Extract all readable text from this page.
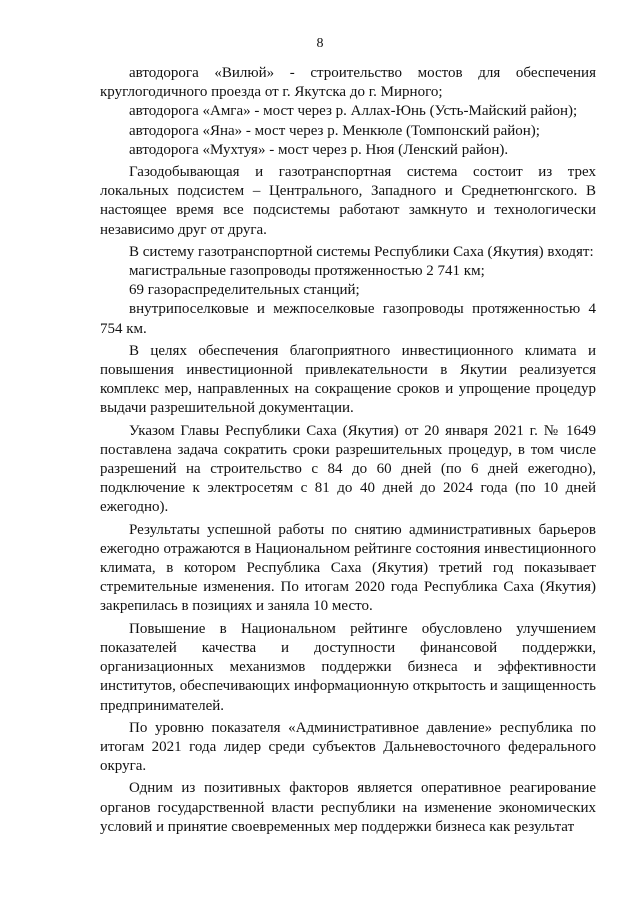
8

автодорога «Вилюй» - строительство мостов для обеспечения круглогодичного проезда от г. Якутска до г. Мирного;

автодорога «Амга» - мост через р. Аллах-Юнь (Усть-Майский район);

автодорога «Яна» - мост через р. Менкюле (Томпонский район);

автодорога «Мухтуя» - мост через р. Нюя (Ленский район).

Газодобывающая и газотранспортная система состоит из трех локальных подсистем – Центрального, Западного и Среднетюнгского. В настоящее время все подсистемы работают замкнуто и технологически независимо друг от друга.

В систему газотранспортной системы Республики Саха (Якутия) входят:

магистральные газопроводы протяженностью 2 741 км;

69 газораспределительных станций;

внутрипоселковые и межпоселковые газопроводы протяженностью 4 754 км.

В целях обеспечения благоприятного инвестиционного климата и повышения инвестиционной привлекательности в Якутии реализуется комплекс мер, направленных на сокращение сроков и упрощение процедур выдачи разрешительной документации.

Указом Главы Республики Саха (Якутия) от 20 января 2021 г. № 1649 поставлена задача сократить сроки разрешительных процедур, в том числе разрешений на строительство с 84 до 60 дней (по 6 дней ежегодно), подключение к электросетям с 81 до 40 дней до 2024 года (по 10 дней ежегодно).

Результаты успешной работы по снятию административных барьеров ежегодно отражаются в Национальном рейтинге состояния инвестиционного климата, в котором Республика Саха (Якутия) третий год показывает стремительные изменения. По итогам 2020 года Республика Саха (Якутия) закрепилась в позициях и заняла 10 место.

Повышение в Национальном рейтинге обусловлено улучшением показателей качества и доступности финансовой поддержки, организационных механизмов поддержки бизнеса и эффективности институтов, обеспечивающих информационную открытость и защищенность предпринимателей.

По уровню показателя «Административное давление» республика по итогам 2021 года лидер среди субъектов Дальневосточного федерального округа.

Одним из позитивных факторов является оперативное реагирование органов государственной власти республики на изменение экономических условий и принятие своевременных мер поддержки бизнеса как результат
